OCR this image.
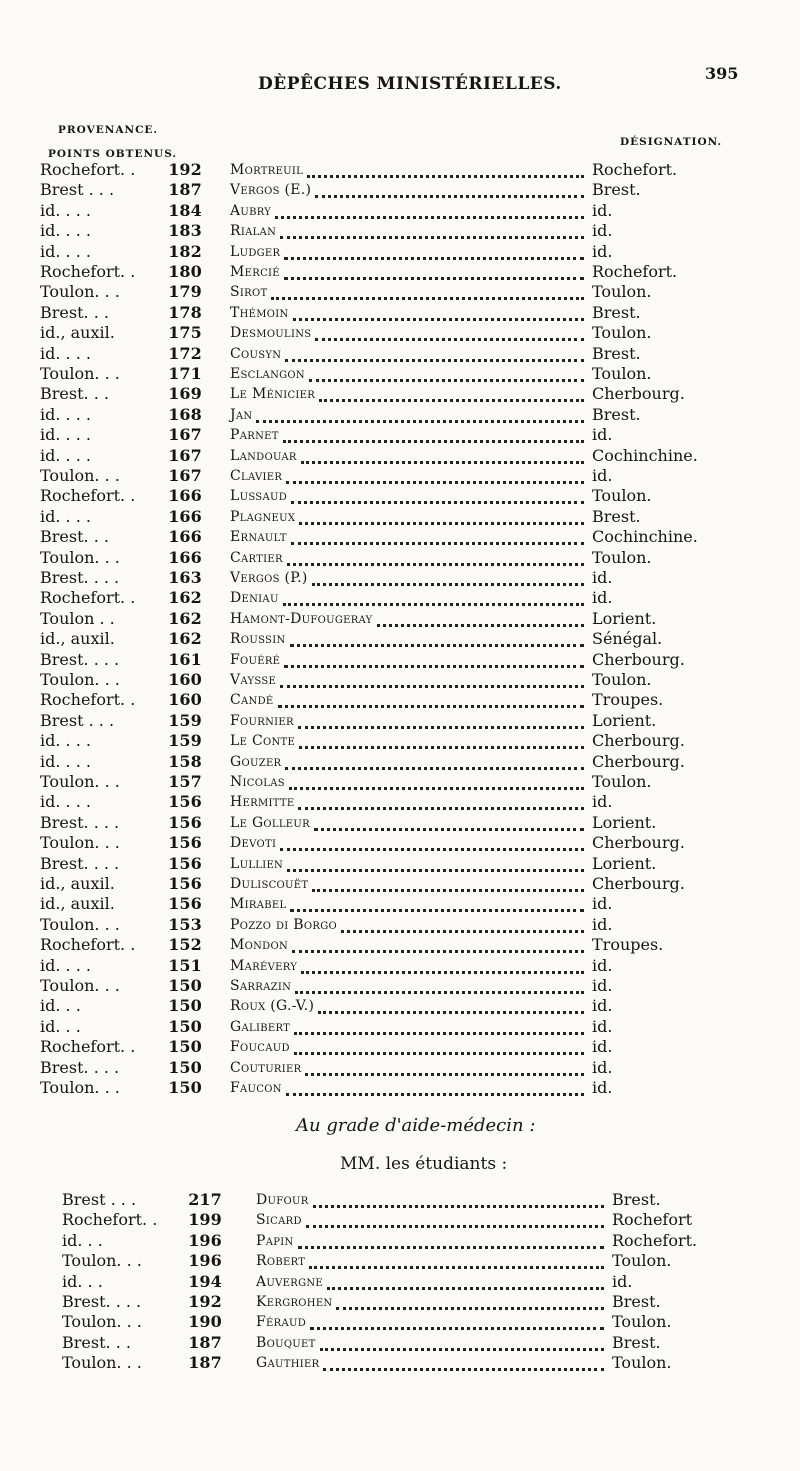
DÈPÊCHES MINISTÉRIELLES.
395
PROVENANCE.
POINTS OBTENUS.
DÉSIGNATION.
Rochefort. .	192	Mortreuil	Rochefort.
Brest . . .	187	Vergos (E.)	Brest.
id. . . .	184	Aubry	id.
id. . . .	183	Rialan	id.
id. . . .	182	Ludger	id.
Rochefort. .	180	Mercié	Rochefort.
Toulon. . .	179	Sirot	Toulon.
Brest. . .	178	Thémoin	Brest.
id., auxil.	175	Desmoulins	Toulon.
id. . . .	172	Cousyn	Brest.
Toulon. . .	171	Esclangon	Toulon.
Brest. . .	169	Le Ménicier	Cherbourg.
id. . . .	168	Jan	Brest.
id. . . .	167	Parnet	id.
id. . . .	167	Landouar	Cochinchine.
Toulon. . .	167	Clavier	id.
Rochefort. .	166	Lussaud	Toulon.
id. . . .	166	Plagneux	Brest.
Brest. . .	166	Ernault	Cochinchine.
Toulon. . .	166	Cartier	Toulon.
Brest. . . .	163	Vergos (P.)	id.
Rochefort. .	162	Deniau	id.
Toulon . .	162	Hamont-Dufougeray	Lorient.
id., auxil.	162	Roussin	Sénégal.
Brest. . . .	161	Fouéré	Cherbourg.
Toulon. . .	160	Vaysse	Toulon.
Rochefort. .	160	Candé	Troupes.
Brest . . .	159	Fournier	Lorient.
id. . . .	159	Le Conte	Cherbourg.
id. . . .	158	Gouzer	Cherbourg.
Toulon. . .	157	Nicolas	Toulon.
id. . . .	156	Hermitte	id.
Brest. . . .	156	Le Golleur	Lorient.
Toulon. . .	156	Devoti	Cherbourg.
Brest. . . .	156	Lullien	Lorient.
id., auxil.	156	Duliscouët	Cherbourg.
id., auxil.	156	Mirabel	id.
Toulon. . .	153	Pozzo di Borgo	id.
Rochefort. .	152	Mondon	Troupes.
id. . . .	151	Marévery	id.
Toulon. . .	150	Sarrazin	id.
id. . .	150	Roux (G.-V.)	id.
id. . .	150	Galibert	id.
Rochefort. .	150	Foucaud	id.
Brest. . . .	150	Couturier	id.
Toulon. . .	150	Faucon	id.
Au grade d'aide-médecin :
MM. les étudiants :
Brest . . .	217	Dufour	Brest.
Rochefort. .	199	Sicard	Rochefort
id. . .	196	Papin	Rochefort.
Toulon. . .	196	Robert	Toulon.
id. . .	194	Auvergne	id.
Brest. . . .	192	Kergrohen	Brest.
Toulon. . .	190	Féraud	Toulon.
Brest. . .	187	Bouquet	Brest.
Toulon. . .	187	Gauthier	Toulon.
